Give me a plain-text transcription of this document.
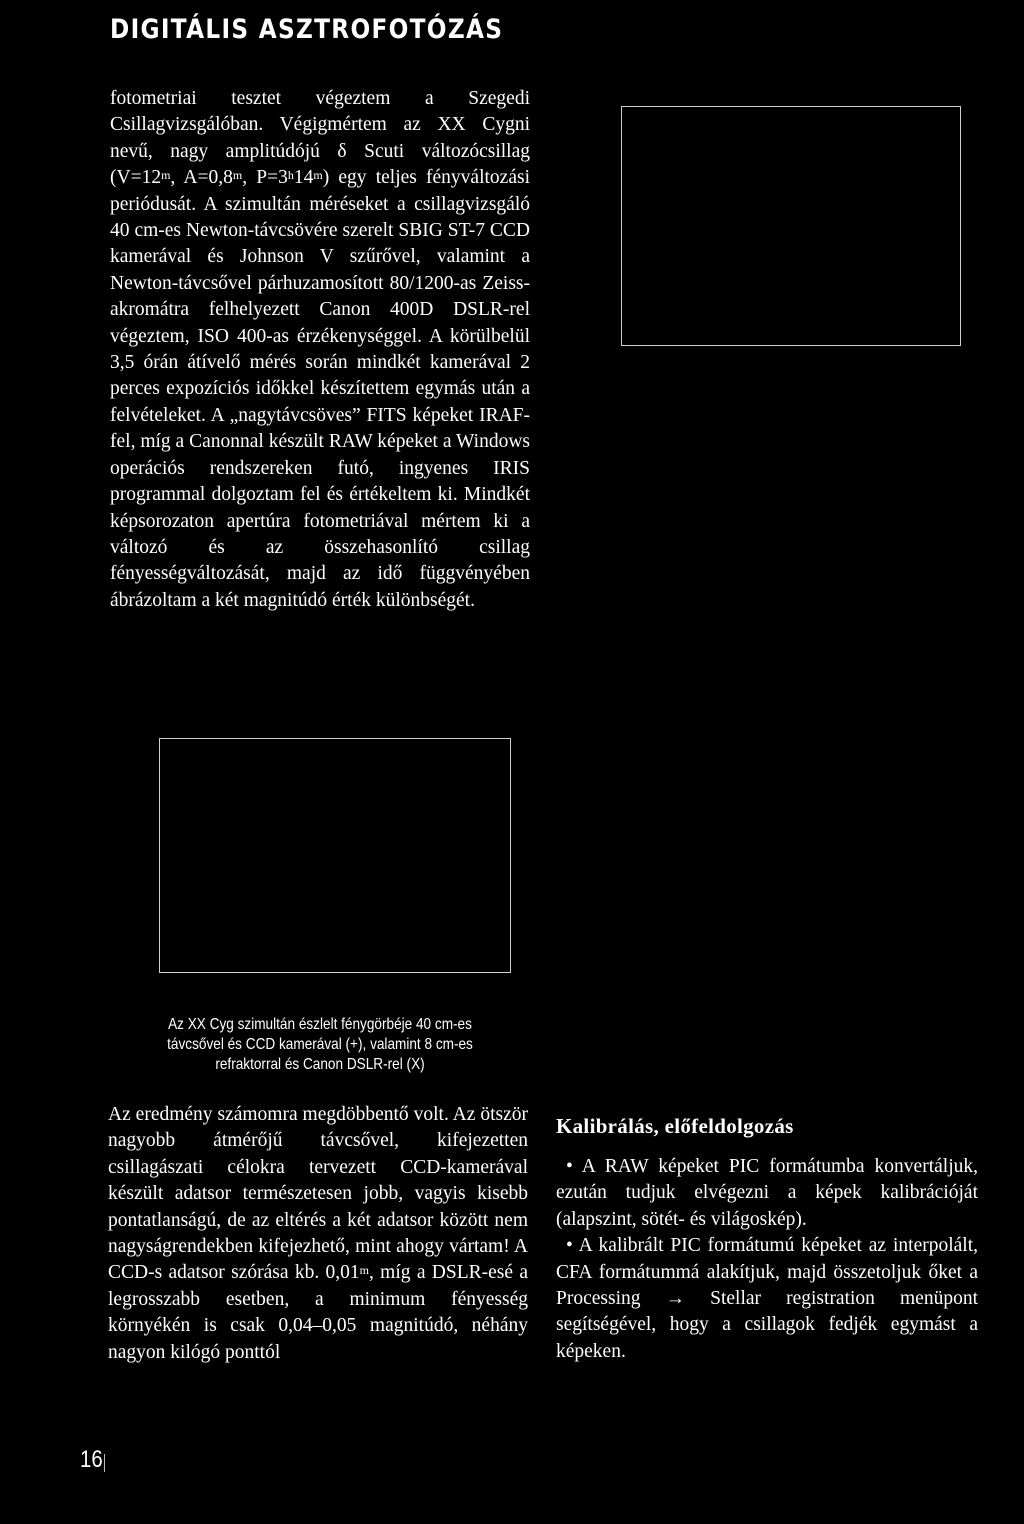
DIGITÁLIS ASZTROFOTÓZÁS

fotometriai tesztet végeztem a Szegedi Csillagvizsgálóban. Végigmértem az XX Cygni nevű, nagy amplitúdójú δ Scuti változócsillag ($V=12^m$, $A=0,8^m$, $P=3^h14^m$) egy teljes fényváltozási periódusát. A szimultán méréseket a csillagvizsgáló 40 cm-es Newton-távcsövére szerelt SBIG ST-7 CCD kamerával és Johnson V szűrővel, valamint a Newton-távcsővel párhuzamosított 80/1200-as Zeiss-akromátra felhelyezett Canon 400D DSLR-rel végeztem, ISO 400-as érzékenységgel. A körülbelül 3,5 órán átívelő mérés során mindkét kamerával 2 perces expozíciós időkkel készítettem egymás után a felvételeket. A „nagytávcsöves” FITS képeket IRAF-fel, míg a Canonnal készült RAW képeket a Windows operációs rendszereken futó, ingyenes IRIS programmal dolgoztam fel és értékeltem ki. Mindkét képsorozaton apertúra fotometriával mértem ki a változó és az összehasonlító csillag fényességváltozását, majd az idő függvényében ábrázoltam a két magnitúdó érték különbségét.

Az XX Cyg szimultán észlelt fénygörbéje 40 cm-es
távcsővel és CCD kamerával (+), valamint 8 cm-es
refraktorral és Canon DSLR-rel (X)

Az eredmény számomra megdöbbentő volt. Az ötször nagyobb átmérőjű távcsővel, kifejezetten csillagászati célokra tervezett CCD-kamerával készült adatsor természetesen jobb, vagyis kisebb pontatlanságú, de az eltérés a két adatsor között nem nagyságrendekben kifejezhető, mint ahogy vártam! A CCD-s adatsor szórása kb. 0,01$^m$, míg a DSLR-esé a legrosszabb esetben, a minimum fényesség környékén is csak 0,04–0,05 magnitúdó, néhány nagyon kilógó ponttól

Kalibrálás, előfeldolgozás

• A RAW képeket PIC formátumba konvertáljuk, ezután tudjuk elvégezni a képek kalibrációját (alapszint, sötét- és világoskép).

• A kalibrált PIC formátumú képeket az interpolált, CFA formátummá alakítjuk, majd összetoljuk őket a Processing → Stellar registration menüpont segítségével, hogy a csillagok fedjék egymást a képeken.

16
